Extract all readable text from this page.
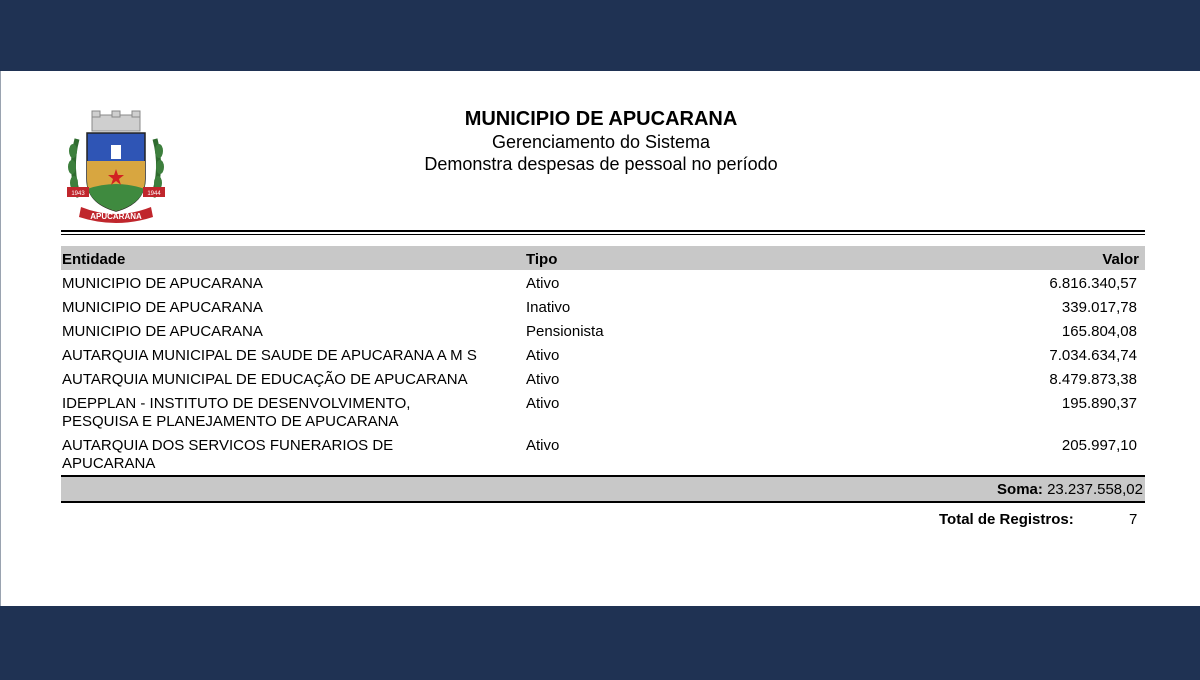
1943	1944
APUCARANA
MUNICIPIO DE APUCARANA
Gerenciamento do Sistema
Demonstra despesas de pessoal no período
Entidade	Tipo	Valor
MUNICIPIO DE APUCARANA	Ativo	6.816.340,57
MUNICIPIO DE APUCARANA	Inativo	339.017,78
MUNICIPIO DE APUCARANA	Pensionista	165.804,08
AUTARQUIA MUNICIPAL DE SAUDE DE APUCARANA A M S	Ativo	7.034.634,74
AUTARQUIA MUNICIPAL DE EDUCAÇÃO DE APUCARANA	Ativo	8.479.873,38
IDEPPLAN - INSTITUTO DE DESENVOLVIMENTO,
PESQUISA E PLANEJAMENTO DE APUCARANA
Ativo	195.890,37
AUTARQUIA DOS SERVICOS FUNERARIOS DE
APUCARANA
Ativo	205.997,10
Soma: 23.237.558,02
Total de Registros:	7
